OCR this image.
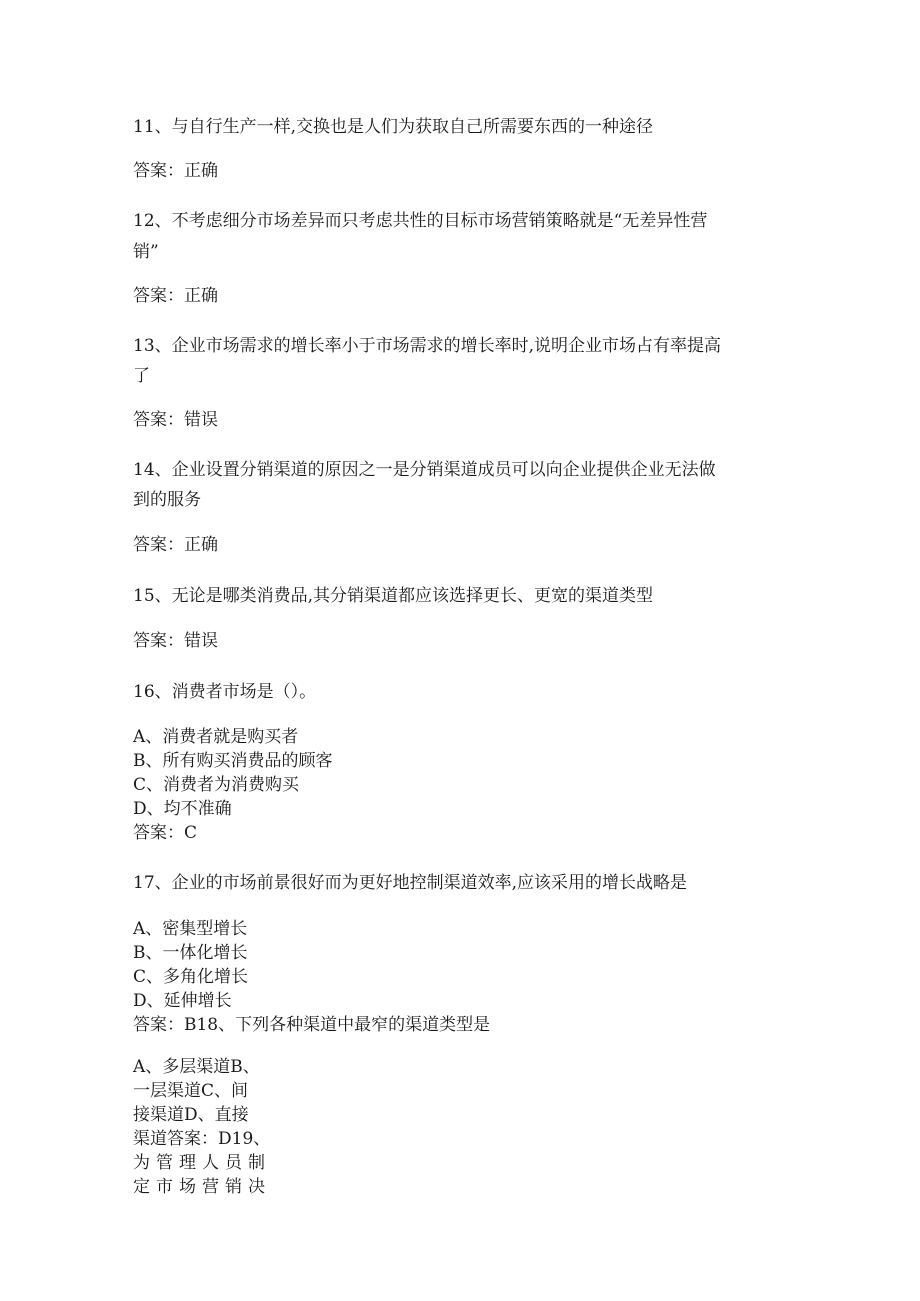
11、与自行生产一样,交换也是人们为获取自己所需要东西的一种途径
答案：正确
12、不考虑细分市场差异而只考虑共性的目标市场营销策略就是“无差异性营
销”
答案：正确
13、企业市场需求的增长率小于市场需求的增长率时,说明企业市场占有率提高
了
答案：错误
14、企业设置分销渠道的原因之一是分销渠道成员可以向企业提供企业无法做
到的服务
答案：正确
15、无论是哪类消费品,其分销渠道都应该选择更长、更宽的渠道类型
答案：错误
16、消费者市场是（）。
A、消费者就是购买者
B、所有购买消费品的顾客
C、消费者为消费购买
D、均不准确
答案：C
17、企业的市场前景很好而为更好地控制渠道效率,应该采用的增长战略是
A、密集型增长
B、一体化增长
C、多角化增长
D、延伸增长
答案：B18、下列各种渠道中最窄的渠道类型是
A、多层渠道B、
一层渠道C、间
接渠道D、直接
渠道答案：D19、
为管理人员制
定市场营销决
